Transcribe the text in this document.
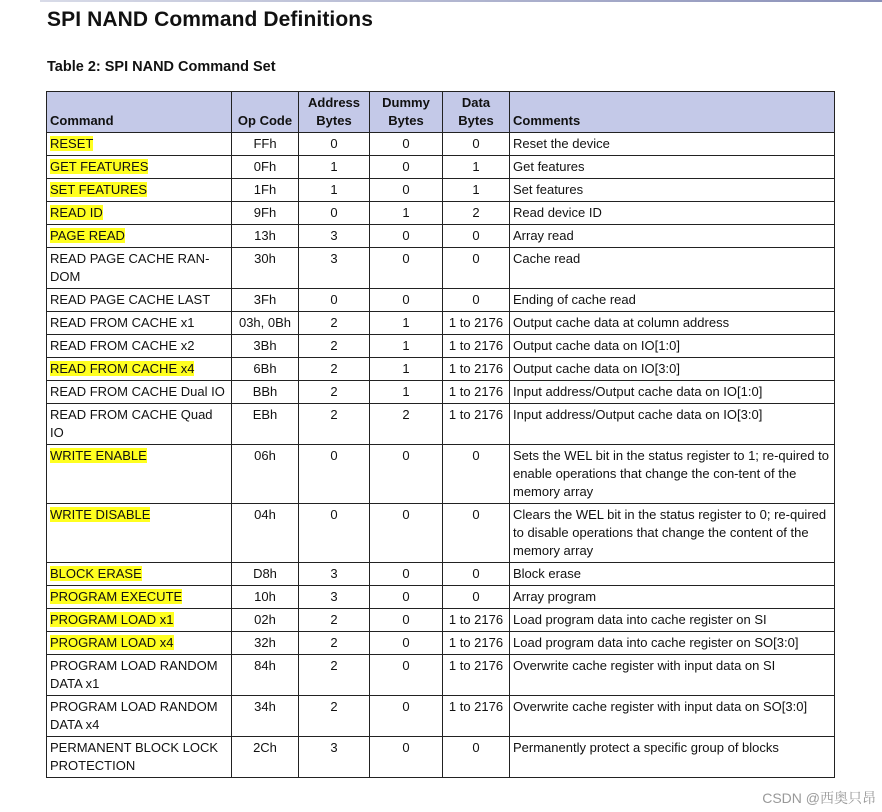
SPI NAND Command Definitions
Table 2: SPI NAND Command Set
Command	Op Code	Address Bytes	Dummy Bytes	Data Bytes	Comments
RESET	FFh	0	0	0	Reset the device
GET FEATURES	0Fh	1	0	1	Get features
SET FEATURES	1Fh	1	0	1	Set features
READ ID	9Fh	0	1	2	Read device ID
PAGE READ	13h	3	0	0	Array read
READ PAGE CACHE RAN-DOM	30h	3	0	0	Cache read
READ PAGE CACHE LAST	3Fh	0	0	0	Ending of cache read
READ FROM CACHE x1	03h, 0Bh	2	1	1 to 2176	Output cache data at column address
READ FROM CACHE x2	3Bh	2	1	1 to 2176	Output cache data on IO[1:0]
READ FROM CACHE x4	6Bh	2	1	1 to 2176	Output cache data on IO[3:0]
READ FROM CACHE Dual IO	BBh	2	1	1 to 2176	Input address/Output cache data on IO[1:0]
READ FROM CACHE Quad IO	EBh	2	2	1 to 2176	Input address/Output cache data on IO[3:0]
WRITE ENABLE	06h	0	0	0	Sets the WEL bit in the status register to 1; re-quired to enable operations that change the con-tent of the memory array
WRITE DISABLE	04h	0	0	0	Clears the WEL bit in the status register to 0; re-quired to disable operations that change the content of the memory array
BLOCK ERASE	D8h	3	0	0	Block erase
PROGRAM EXECUTE	10h	3	0	0	Array program
PROGRAM LOAD x1	02h	2	0	1 to 2176	Load program data into cache register on SI
PROGRAM LOAD x4	32h	2	0	1 to 2176	Load program data into cache register on SO[3:0]
PROGRAM LOAD RANDOM DATA x1	84h	2	0	1 to 2176	Overwrite cache register with input data on SI
PROGRAM LOAD RANDOM DATA x4	34h	2	0	1 to 2176	Overwrite cache register with input data on SO[3:0]
PERMANENT BLOCK LOCK PROTECTION	2Ch	3	0	0	Permanently protect a specific group of blocks
CSDN @西奥只昂
